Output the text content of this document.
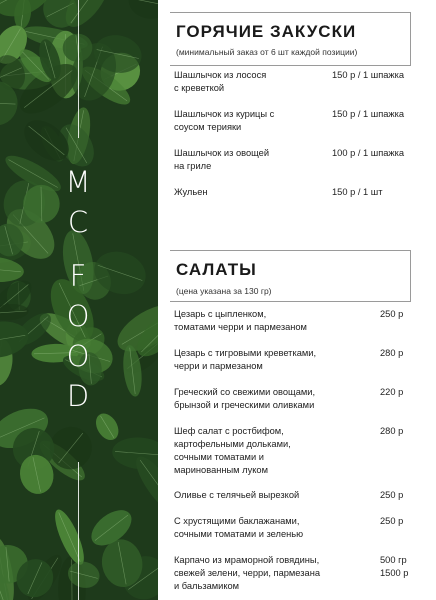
M
C
F
O
O
D
ГОРЯЧИЕ ЗАКУСКИ
(минимальный заказ от 6 шт каждой позиции)
Шашлычок из лосося
с креветкой
150 р / 1 шпажка
Шашлычок из курицы с
соусом терияки
150 р / 1 шпажка
Шашлычок из овощей
на гриле
100 р / 1 шпажка
Жульен	150 р / 1 шт
САЛАТЫ
(цена указана за 130 гр)
Цезарь с цыпленком,
томатами черри и пармезаном
250 р
Цезарь с тигровыми креветками,
черри и пармезаном
280 р
Греческий со свежими овощами,
брынзой и греческими оливками
220 р
Шеф салат с ростбифом,
картофельными дольками,
сочными томатами и
маринованным луком
280 р
Оливье с телячьей вырезкой	250 р
С хрустящими баклажанами,
сочными томатами и зеленью
250 р
Карпачо из мраморной говядины,
свежей зелени, черри, пармезана
и бальзамиком
500 гр
1500 р
